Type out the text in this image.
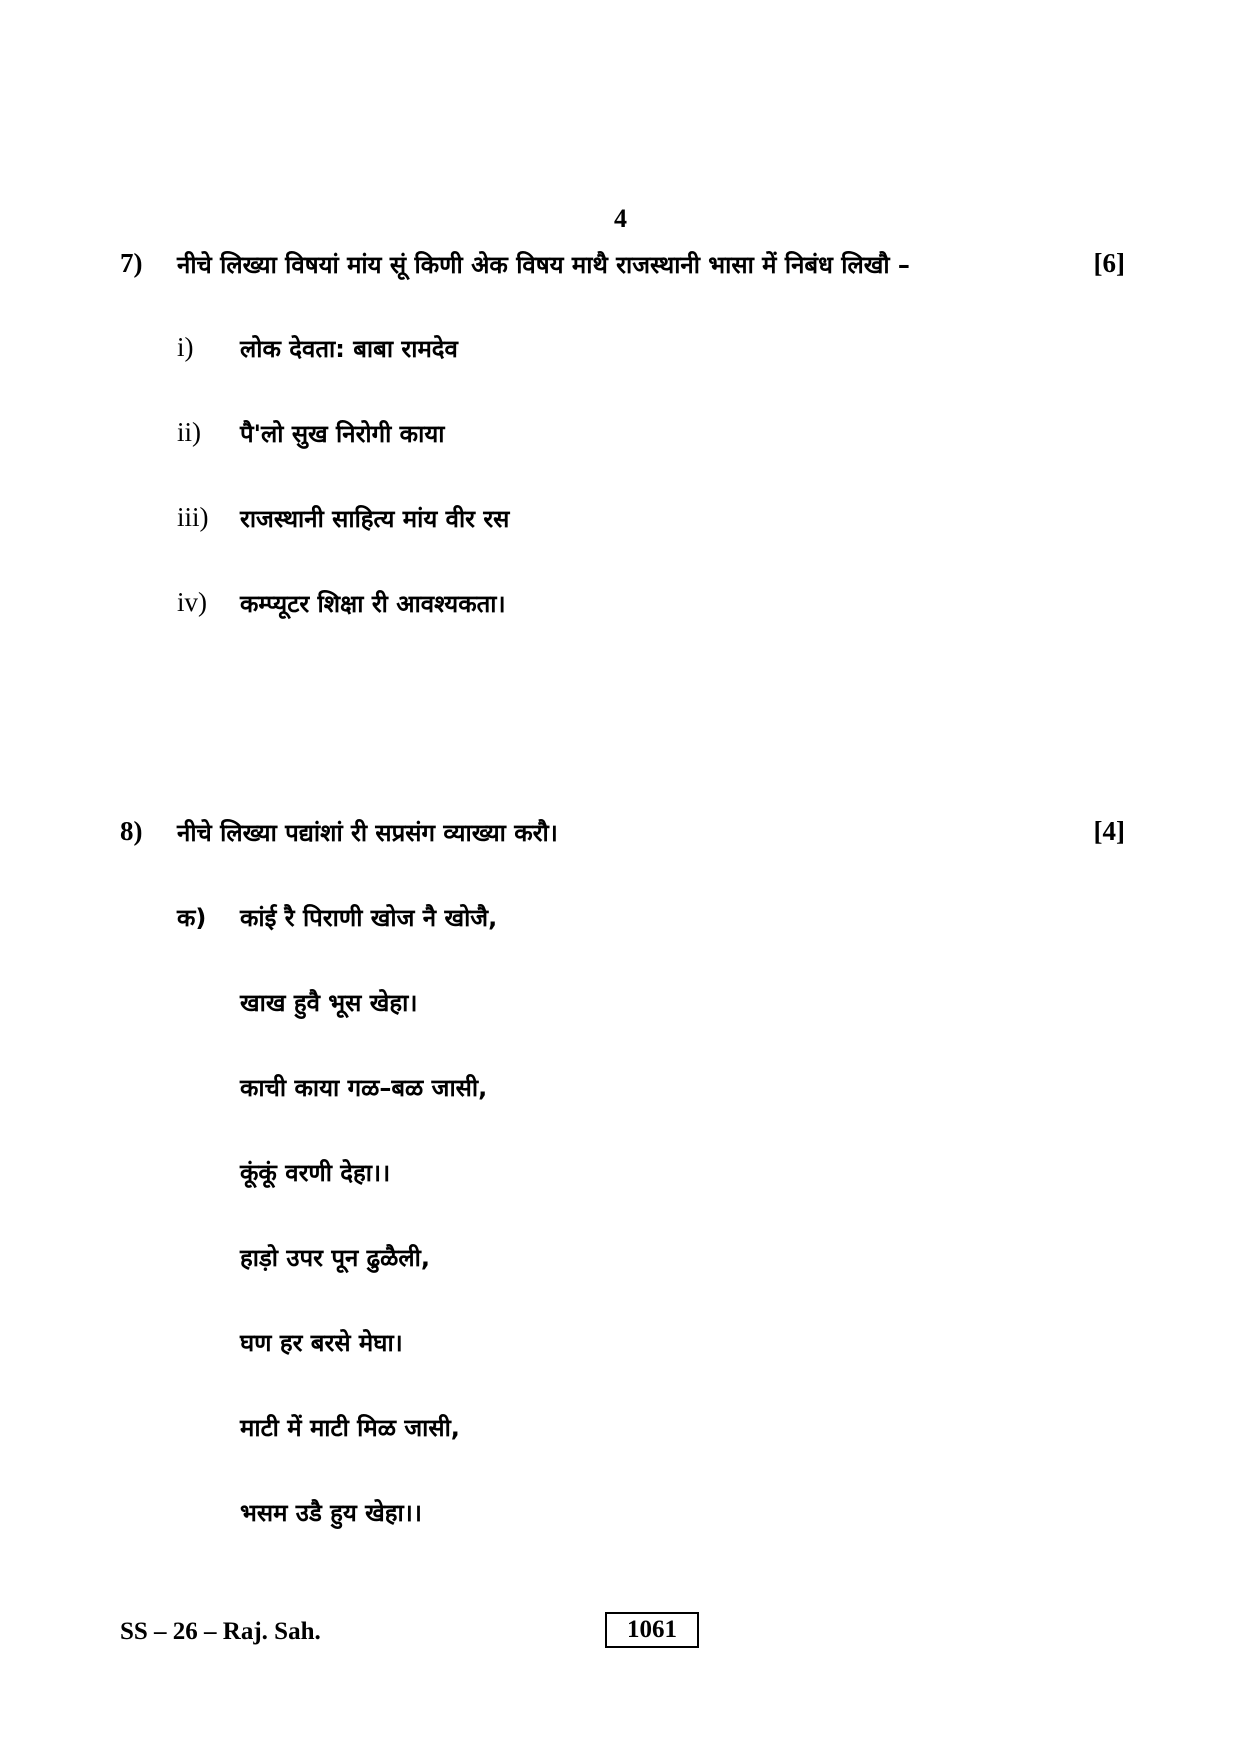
4
7) नीचे लिख्या विषयां मांय सूं किणी अेक विषय माथै राजस्थानी भासा में निबंध लिखौ –	[6]
i) लोक देवता: बाबा रामदेव
ii) पै'लो सुख निरोगी काया
iii) राजस्थानी साहित्य मांय वीर रस
iv) कम्प्यूटर शिक्षा री आवश्यकता।
8) नीचे लिख्या पद्यांशां री सप्रसंग व्याख्या करौ।	[4]
क) कांई रै पिराणी खोज नै खोजै,
खाख हुवै भूस खेहा।
काची काया गळ–बळ जासी,
कूंकूं वरणी देहा।।
हाड़ो उपर पून ढुळैली,
घण हर बरसे मेघा।
माटी में माटी मिळ जासी,
भसम उडै हुय खेहा।।
SS – 26 – Raj. Sah.	1061
